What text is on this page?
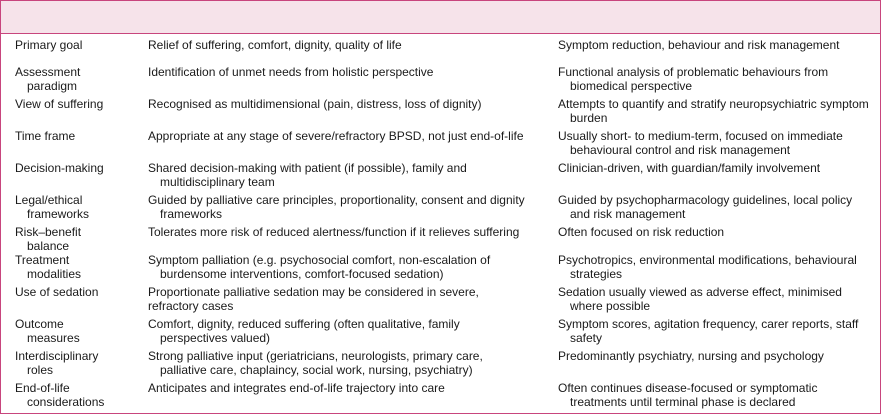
Primary goal	Relief of suffering, comfort, dignity, quality of life	Symptom reduction, behaviour and risk management

Assessment paradigm	Identification of unmet needs from holistic perspective	Functional analysis of problematic behaviours from biomedical perspective

View of suffering	Recognised as multidimensional (pain, distress, loss of dignity)	Attempts to quantify and stratify neuropsychiatric symptom burden

Time frame	Appropriate at any stage of severe/refractory BPSD, not just end-of-life	Usually short- to medium-term, focused on immediate behavioural control and risk management

Decision-making	Shared decision-making with patient (if possible), family and multidisciplinary team	Clinician-driven, with guardian/family involvement

Legal/ethical frameworks	Guided by palliative care principles, proportionality, consent and dignity frameworks	Guided by psychopharmacology guidelines, local policy and risk management

Risk–benefit balance	Tolerates more risk of reduced alertness/function if it relieves suffering	Often focused on risk reduction

Treatment modalities	Symptom palliation (e.g. psychosocial comfort, non-escalation of burdensome interventions, comfort-focused sedation)	Psychotropics, environmental modifications, behavioural strategies

Use of sedation	Proportionate palliative sedation may be considered in severe, refractory cases	Sedation usually viewed as adverse effect, minimised where possible

Outcome measures	Comfort, dignity, reduced suffering (often qualitative, family perspectives valued)	Symptom scores, agitation frequency, carer reports, staff safety

Interdisciplinary roles	Strong palliative input (geriatricians, neurologists, primary care, palliative care, chaplaincy, social work, nursing, psychiatry)	Predominantly psychiatry, nursing and psychology

End-of-life considerations	Anticipates and integrates end-of-life trajectory into care	Often continues disease-focused or symptomatic treatments until terminal phase is declared
